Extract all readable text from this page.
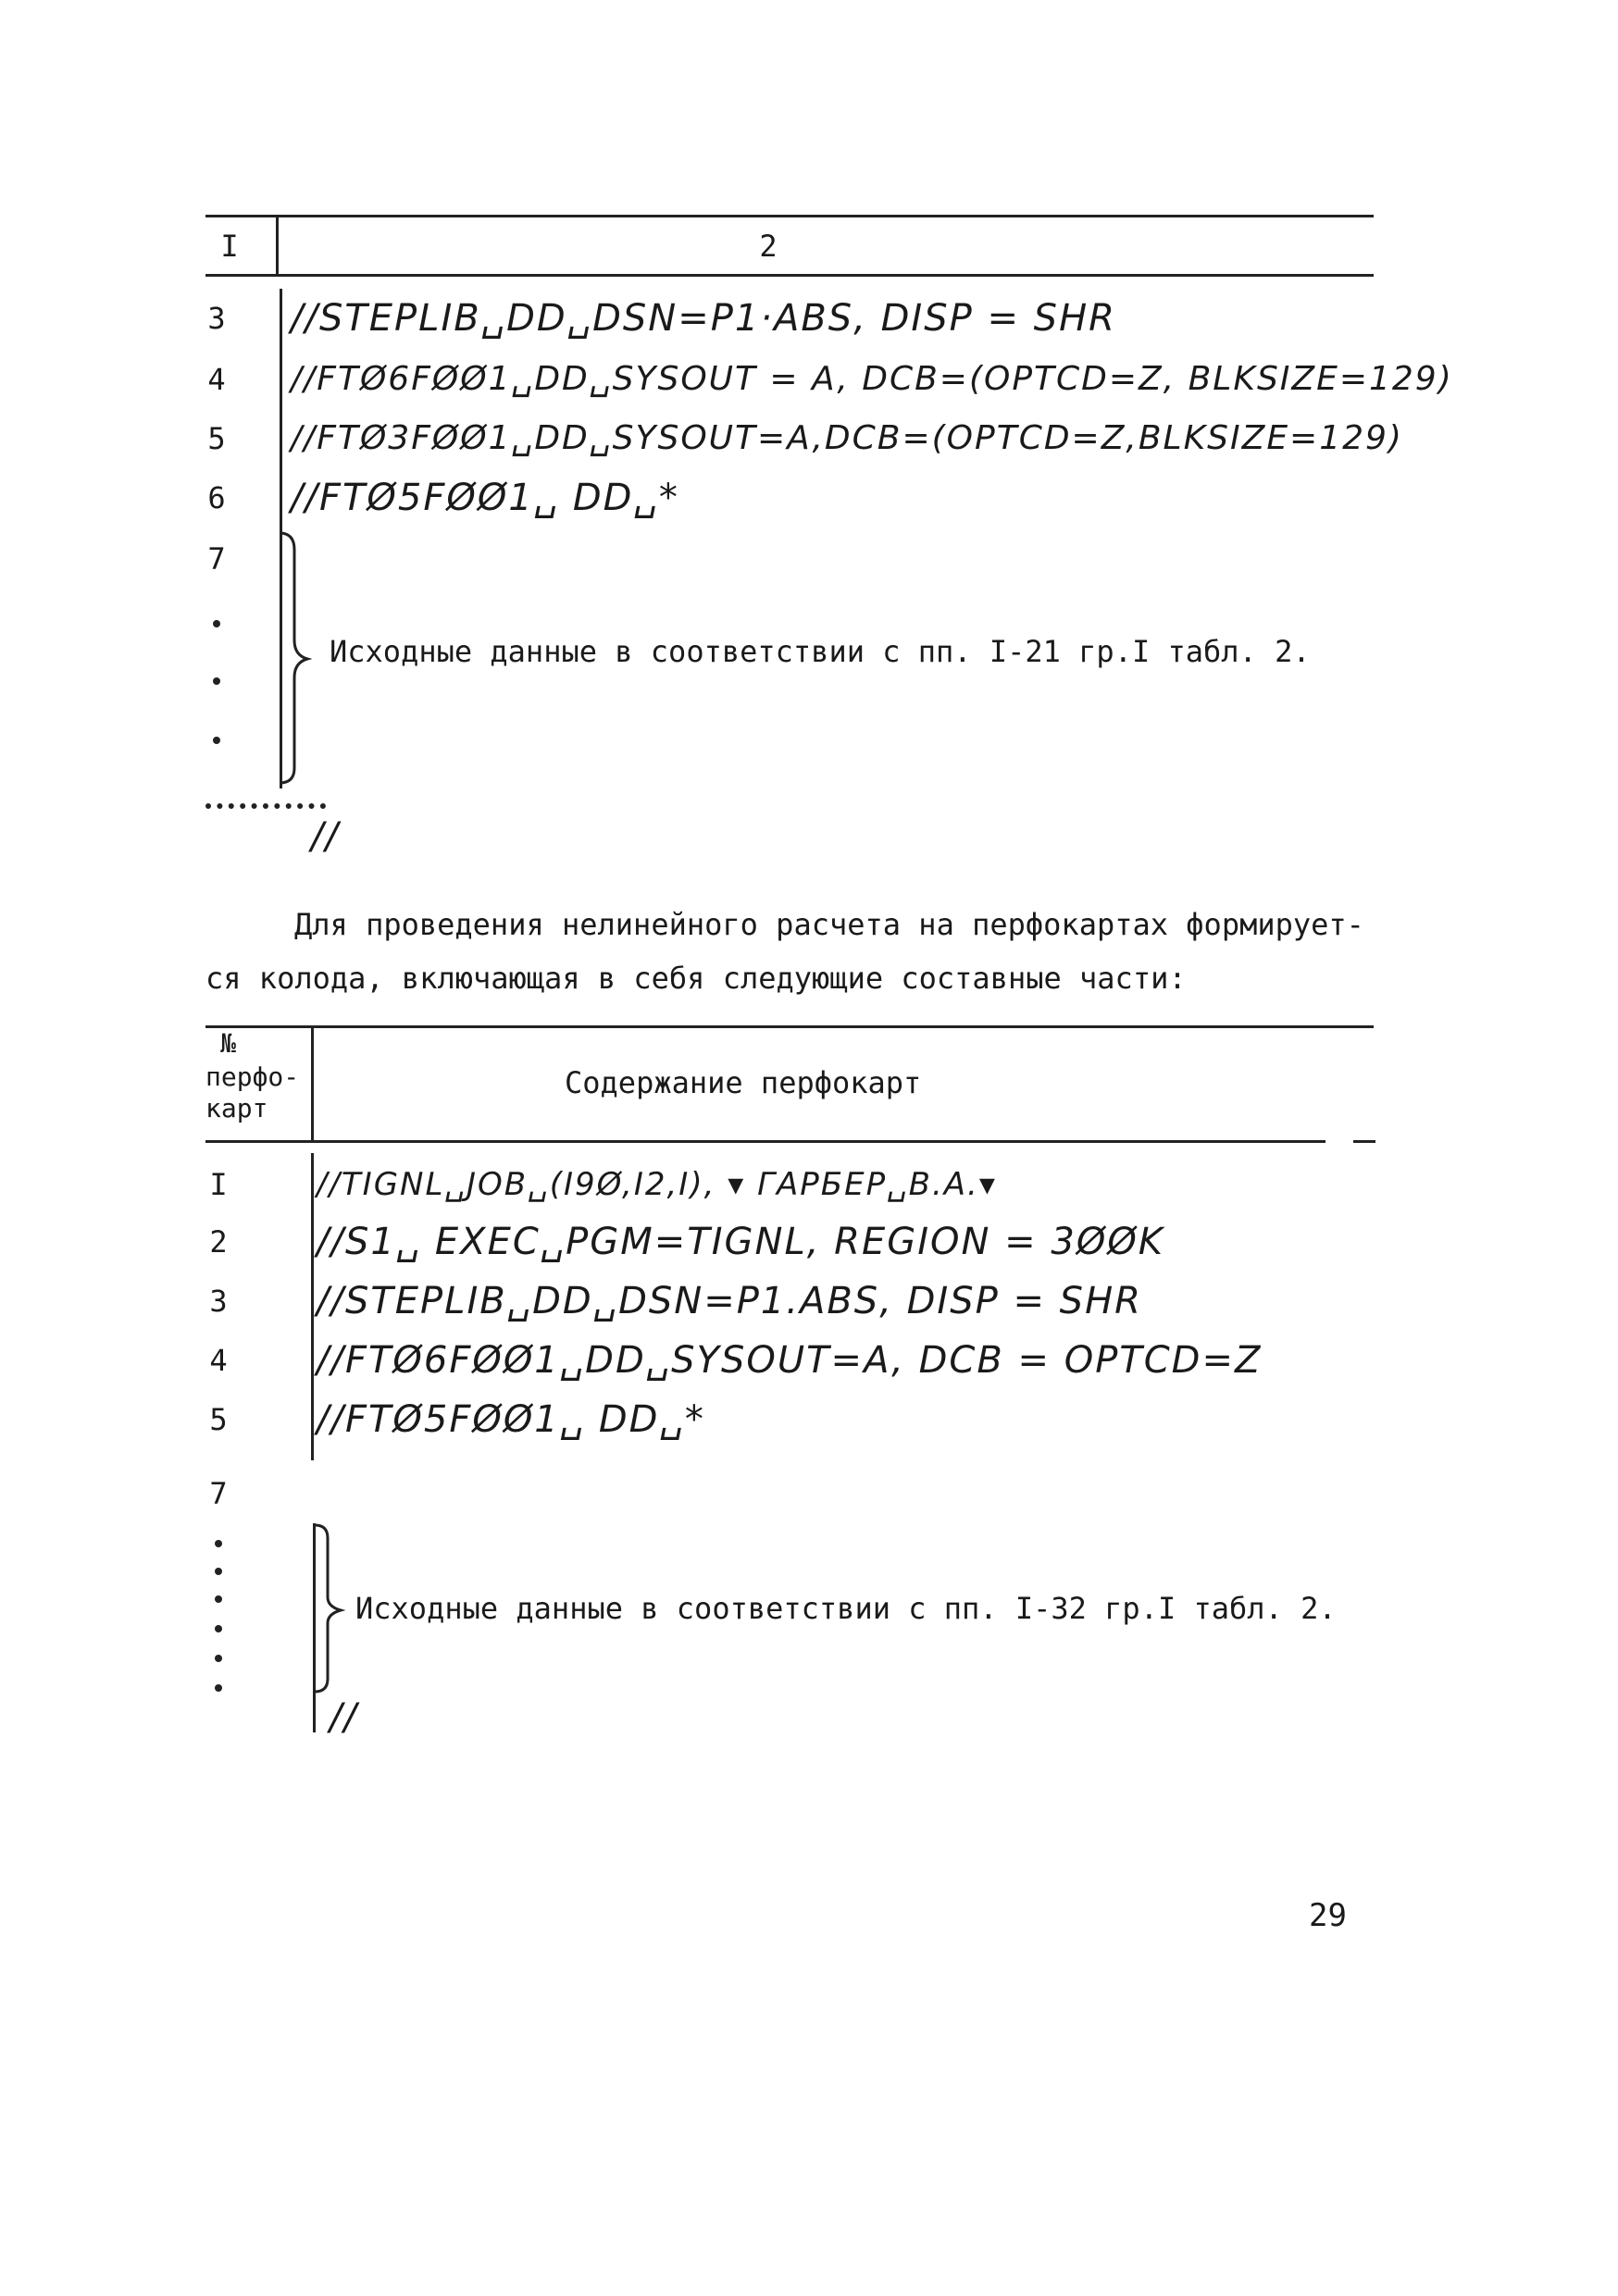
I	2
3 //STEPLIB␣DD␣DSN=P1·ABS, DISP = SHR
4 //FTØ6FØØ1␣DD␣SYSOUT = A, DCB=(OPTCD=Z, BLKSIZE=129)
5 //FTØ3FØØ1␣DD␣SYSOUT=A,DCB=(OPTCD=Z,BLKSIZE=129)
6 //FTØ5FØØ1␣ DD␣*
7
Исходные данные в соответствии с пп. I-21 гр.I табл. 2.
//
Для проведения нелинейного расчета на перфокартах формирует-
ся колода, включающая в себя следующие составные части:
№
перфо-
карт
Содержание перфокарт
I	//TIGNL␣JOB␣(I9Ø,I2,I), ▾ ГАРБЕР␣В.А.▾
2 //S1␣ EXEC␣PGM=TIGNL, REGION = 3ØØK
3 //STEPLIB␣DD␣DSN=P1.ABS, DISP = SHR
4 //FTØ6FØØ1␣DD␣SYSOUT=A, DCB = OPTCD=Z
5 //FTØ5FØØ1␣ DD␣*
7
Исходные данные в соответствии с пп. I-32 гр.I табл. 2.
//
29
